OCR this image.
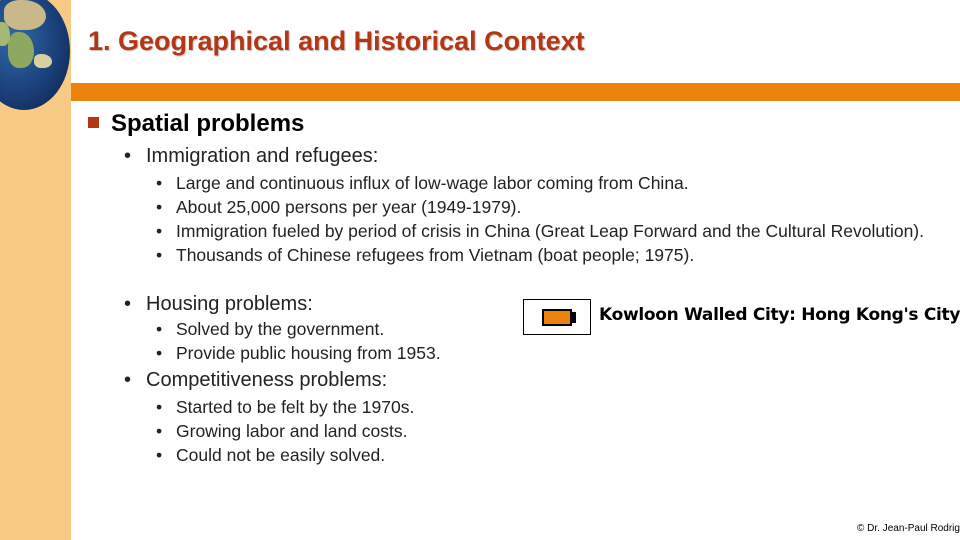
1. Geographical and Historical Context
Spatial problems
• Immigration and refugees:
• Large and continuous influx of low-wage labor coming from China.
• About 25,000 persons per year (1949-1979).
• Immigration fueled by period of crisis in China (Great Leap Forward and the Cultural Revolution).
• Thousands of Chinese refugees from Vietnam (boat people; 1975).
• Housing problems:
• Solved by the government.
• Provide public housing from 1953.
• Competitiveness problems:
• Started to be felt by the 1970s.
• Growing labor and land costs.
• Could not be easily solved.
Kowloon Walled City: Hong Kong's City
© Dr. Jean-Paul Rodrig
